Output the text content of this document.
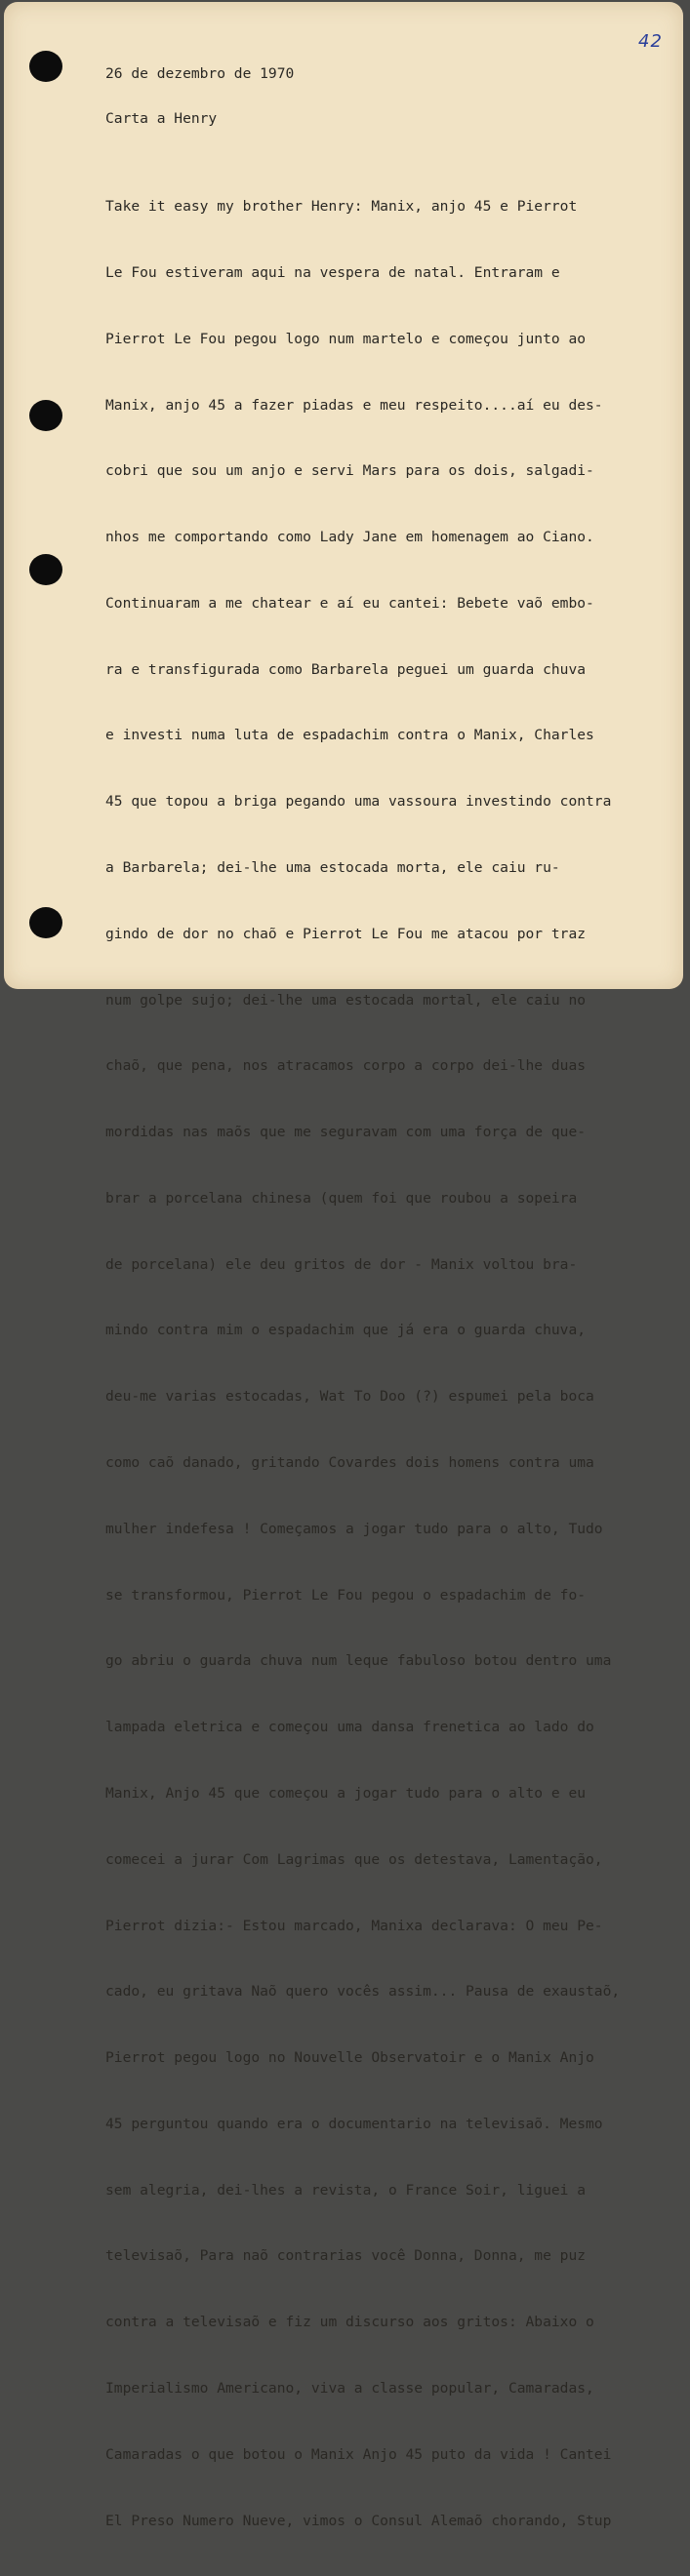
42

26 de dezembro de 1970

Carta a Henry

Take it easy my brother Henry: Manix, anjo 45 e Pierrot

Le Fou estiveram aqui na vespera de natal. Entraram e

Pierrot Le Fou pegou logo num martelo e começou junto ao

Manix, anjo 45 a fazer piadas e meu respeito....aí eu des-

cobri que sou um anjo e servi Mars para os dois, salgadi-

nhos me comportando como Lady Jane em homenagem ao Ciano.

Continuaram a me chatear e aí eu cantei: Bebete vaõ embo-

ra e transfigurada como Barbarela peguei um guarda chuva

e investi numa luta de espadachim contra o Manix, Charles

45 que topou a briga pegando uma vassoura investindo contra

a Barbarela; dei-lhe uma estocada morta, ele caiu ru-

gindo de dor no chaõ e Pierrot Le Fou me atacou por traz

num golpe sujo; dei-lhe uma estocada mortal, ele caiu no

chaõ, que pena, nos atracamos corpo a corpo dei-lhe duas

mordidas nas maõs que me seguravam com uma força de que-

brar a porcelana chinesa (quem foi que roubou a sopeira

de porcelana) ele deu gritos de dor - Manix voltou bra-

mindo contra mim o espadachim que já era o guarda chuva,

deu-me varias estocadas, Wat To Doo (?) espumei pela boca

como caõ danado, gritando Covardes dois homens contra uma

mulher indefesa ! Começamos a jogar tudo para o alto, Tudo

se transformou, Pierrot Le Fou pegou o espadachim de fo-

go abriu o guarda chuva num leque fabuloso botou dentro uma

lampada eletrica e começou uma dansa frenetica ao lado do

Manix, Anjo 45 que começou a jogar tudo para o alto e eu

comecei a jurar Com Lagrimas que os detestava, Lamentação,

Pierrot dizia:- Estou marcado, Manixa declarava: O meu Pe-

cado, eu gritava Naõ quero vocês assim... Pausa de exaustaõ,

Pierrot pegou logo no Nouvelle Observatoir e o Manix Anjo

45 perguntou quando era o documentario na televisaõ. Mesmo

sem alegria, dei-lhes a revista, o France Soir, liguei a

televisaõ, Para naõ contrarias você Donna, Donna, me puz

contra a televisaõ e fiz um discurso aos gritos: Abaixo o

Imperialismo Americano, viva a classe popular, Camaradas,

Camaradas o que botou o Manix Anjo 45 puto da vida ! Cantei

El Preso Numero Nueve, vimos o Consul Alemaõ chorando, Stup
